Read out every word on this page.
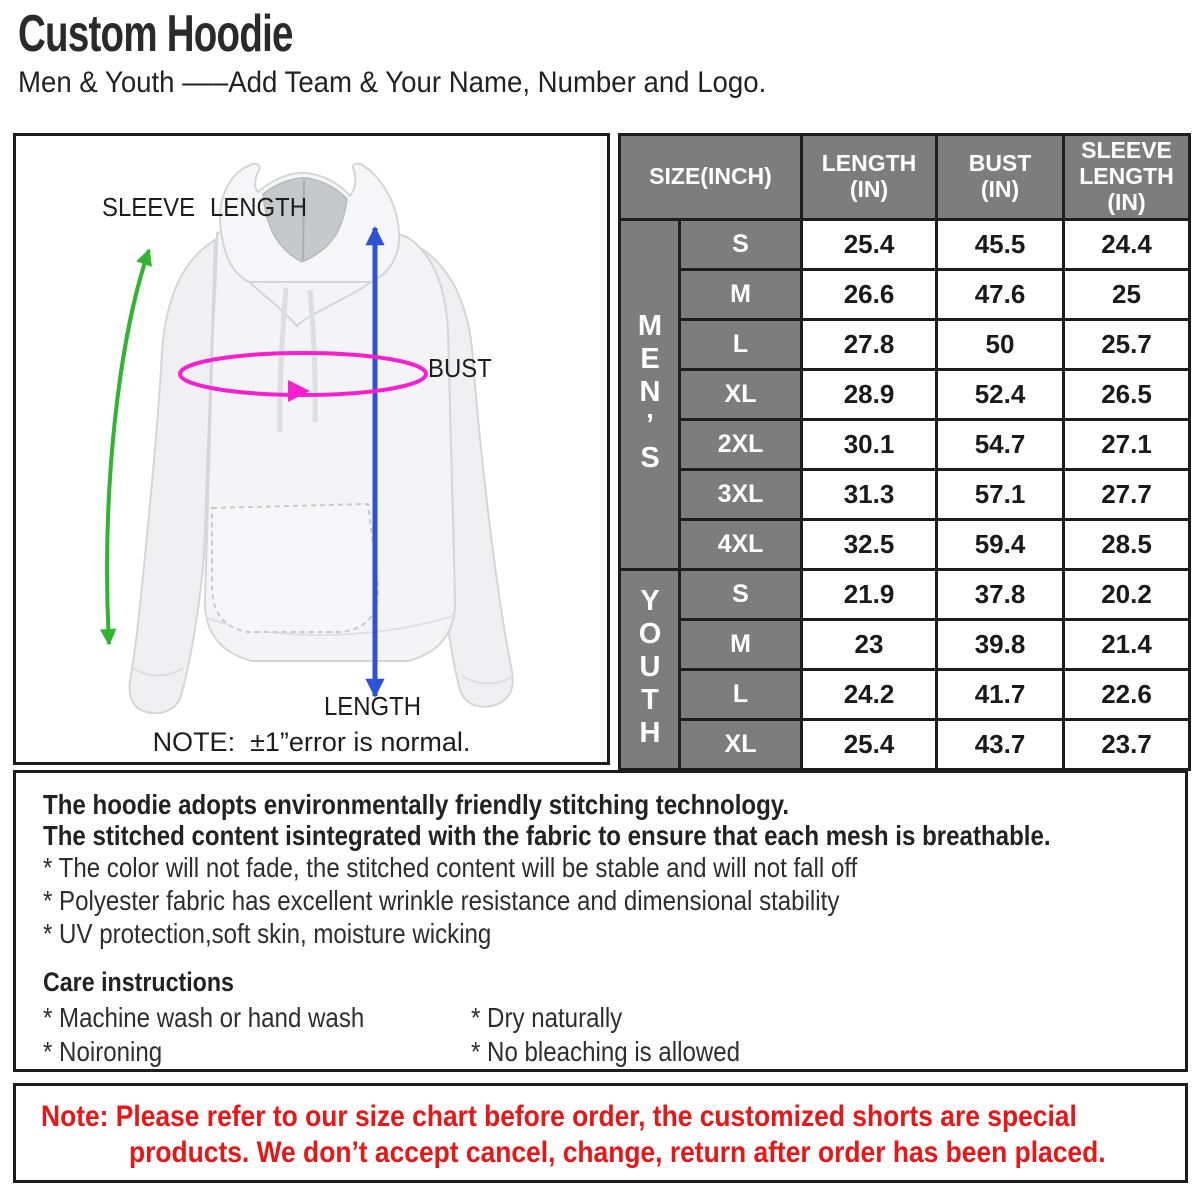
Custom Hoodie
Men & Youth –––Add Team & Your Name, Number and Logo.
SLEEVE LENGTH
BUST
LENGTH
NOTE:  ±1”error is normal.
SIZE(INCH)	LENGTH
(IN)

BUST
(IN)

SLEEVE
LENGTH
(IN)

MEN’S	S	25.4	45.5	24.4
	M	26.6	47.6	25
	L	27.8	50	25.7
	XL	28.9	52.4	26.5
	2XL	30.1	54.7	27.1
	3XL	31.3	57.1	27.7
	4XL	32.5	59.4	28.5
YOUTH	S	21.9	37.8	20.2
	M	23	39.8	21.4
	L	24.2	41.7	22.6
	XL	25.4	43.7	23.7
The hoodie adopts environmentally friendly stitching technology.
The stitched content isintegrated with the fabric to ensure that each mesh is breathable.
* The color will not fade, the stitched content will be stable and will not fall off
* Polyester fabric has excellent wrinkle resistance and dimensional stability
* UV protection,soft skin, moisture wicking
Care instructions
* Machine wash or hand wash	* Dry naturally
* Noironing	* No bleaching is allowed
Note: Please refer to our size chart before order, the customized shorts are special
products. We don’t accept cancel, change, return after order has been placed.
